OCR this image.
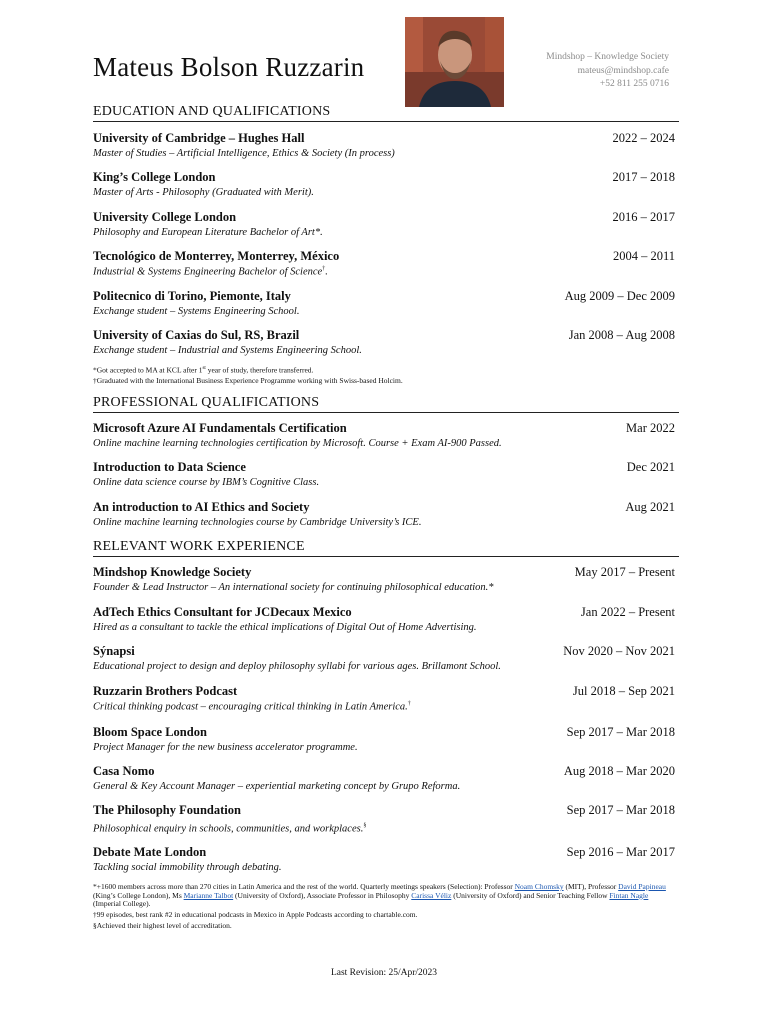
Mateus Bolson Ruzzarin	Mindshop – Knowledge Society
mateus@mindshop.cafe
+52 811 255 0716
EDUCATION AND QUALIFICATIONS
University of Cambridge – Hughes Hall	2022 – 2024
Master of Studies – Artificial Intelligence, Ethics & Society (In process)
King’s College London	2017 – 2018
Master of Arts - Philosophy (Graduated with Merit).
University College London	2016 – 2017
Philosophy and European Literature Bachelor of Art*.
Tecnológico de Monterrey, Monterrey, México	2004 – 2011
Industrial & Systems Engineering Bachelor of Science†.
Politecnico di Torino, Piemonte, Italy	Aug 2009 – Dec 2009
Exchange student – Systems Engineering School.
University of Caxias do Sul, RS, Brazil	Jan 2008 – Aug 2008
Exchange student – Industrial and Systems Engineering School.
*Got accepted to MA at KCL after 1st year of study, therefore transferred.
†Graduated with the International Business Experience Programme working with Swiss-based Holcim.
PROFESSIONAL QUALIFICATIONS
Microsoft Azure AI Fundamentals Certification	Mar 2022
Online machine learning technologies certification by Microsoft. Course + Exam AI-900 Passed.
Introduction to Data Science	Dec 2021
Online data science course by IBM’s Cognitive Class.
An introduction to AI Ethics and Society	Aug 2021
Online machine learning technologies course by Cambridge University’s ICE.
RELEVANT WORK EXPERIENCE
Mindshop Knowledge Society	May 2017 – Present
Founder & Lead Instructor – An international society for continuing philosophical education.*
AdTech Ethics Consultant for JCDecaux Mexico	Jan 2022 – Present
Hired as a consultant to tackle the ethical implications of Digital Out of Home Advertising.
Sýnapsi	Nov 2020 – Nov 2021
Educational project to design and deploy philosophy syllabi for various ages. Brillamont School.
Ruzzarin Brothers Podcast	Jul 2018 – Sep 2021
Critical thinking podcast – encouraging critical thinking in Latin America.†
Bloom Space London	Sep 2017 – Mar 2018
Project Manager for the new business accelerator programme.
Casa Nomo	Aug 2018 – Mar 2020
General & Key Account Manager – experiential marketing concept by Grupo Reforma.
The Philosophy Foundation	Sep 2017 – Mar 2018
Philosophical enquiry in schools, communities, and workplaces.§
Debate Mate London	Sep 2016 – Mar 2017
Tackling social immobility through debating.
*+1600 members across more than 270 cities in Latin America and the rest of the world. Quarterly meetings speakers (Selection): Professor Noam Chomsky (MIT), Professor David Papineau (King’s College London), Ms Marianne Talbot (University of Oxford), Associate Professor in Philosophy Carissa Véliz (University of Oxford) and Senior Teaching Fellow Fintan Nagle (Imperial College).
†99 episodes, best rank #2 in educational podcasts in Mexico in Apple Podcasts according to chartable.com.
§Achieved their highest level of accreditation.
Last Revision: 25/Apr/2023
